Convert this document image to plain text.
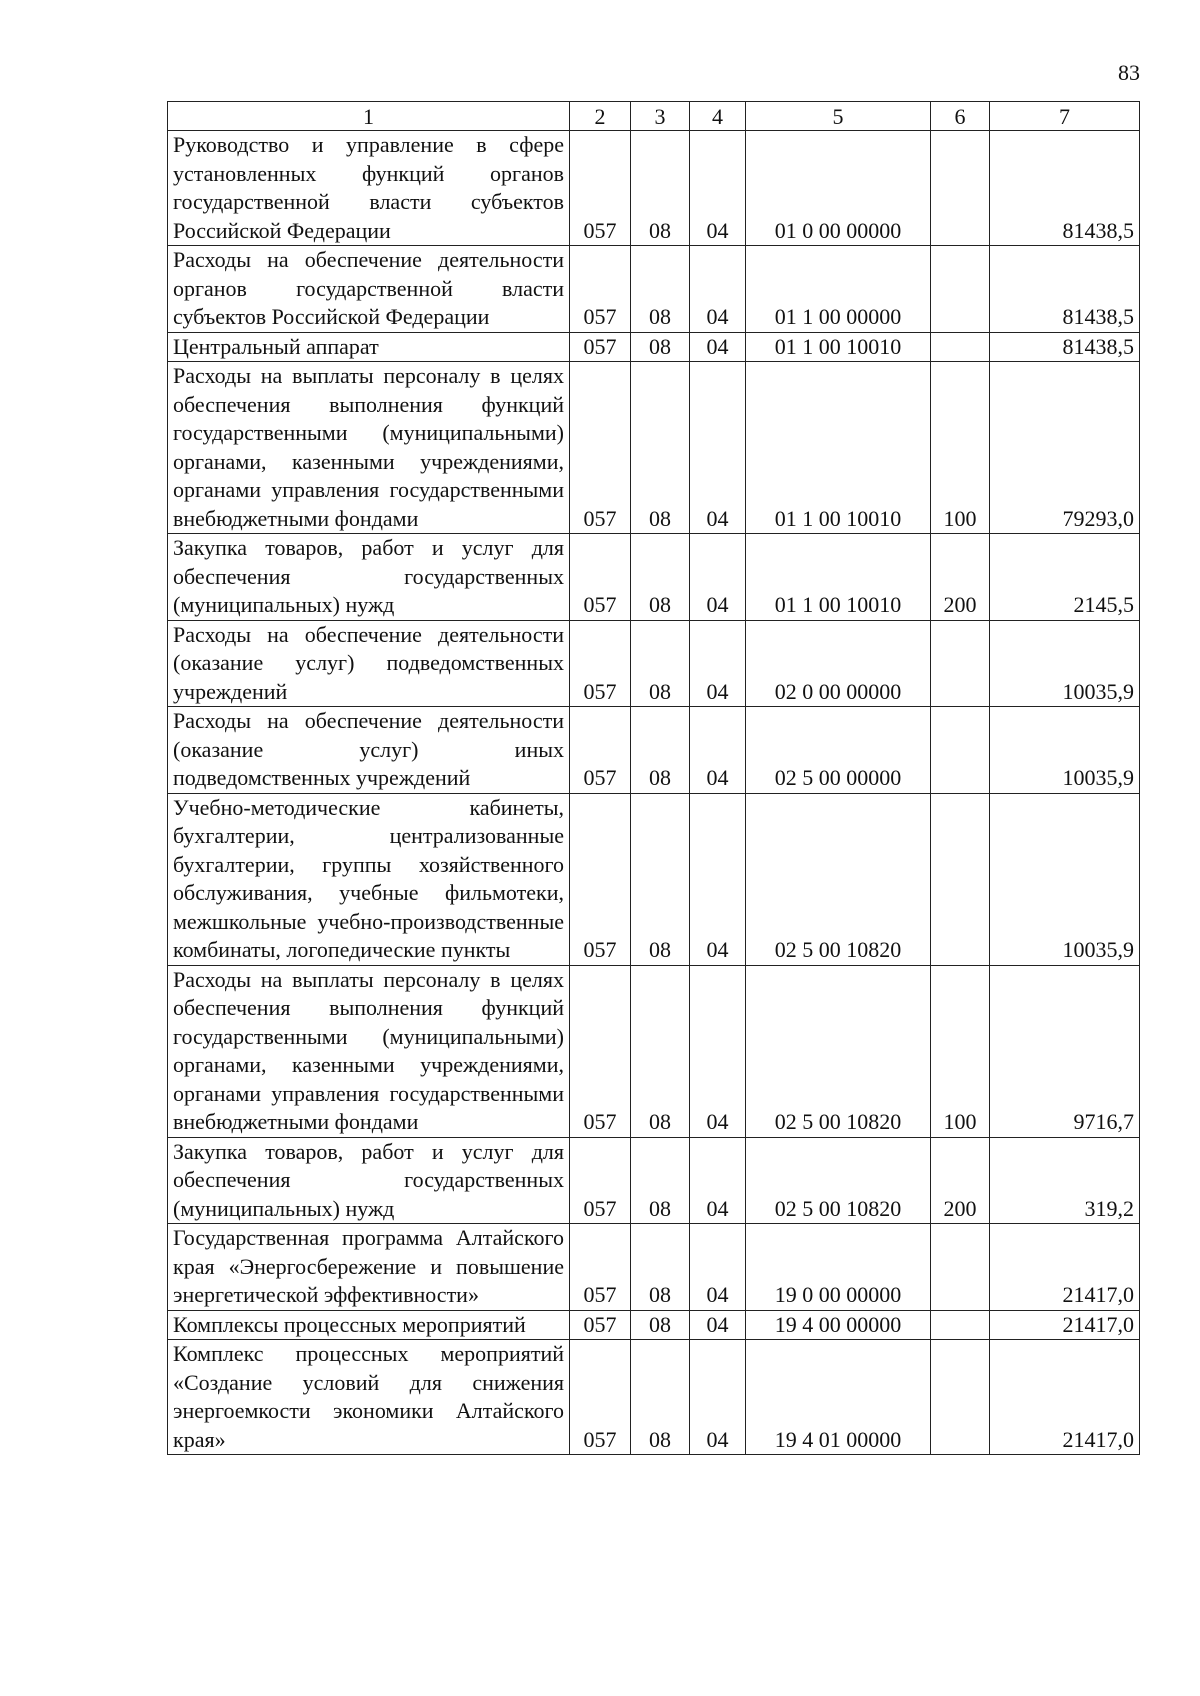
83
1	2	3	4	5	6	7
Руководство и управление в сфере установленных функций органов государственной власти субъектов Российской Федерации	057	08	04	01 0 00 00000		81438,5
Расходы на обеспечение деятельности органов государственной власти субъектов Российской Федерации	057	08	04	01 1 00 00000		81438,5
Центральный аппарат	057	08	04	01 1 00 10010		81438,5
Расходы на выплаты персоналу в целях обеспечения выполнения функций государственными (муниципальными) органами, казенными учреждениями, органами управления государственными внебюджетными фондами	057	08	04	01 1 00 10010	100	79293,0
Закупка товаров, работ и услуг для обеспечения государственных (муниципальных) нужд	057	08	04	01 1 00 10010	200	2145,5
Расходы на обеспечение деятельности (оказание услуг) подведомственных учреждений	057	08	04	02 0 00 00000		10035,9
Расходы на обеспечение деятельности (оказание услуг) иных подведомственных учреждений	057	08	04	02 5 00 00000		10035,9
Учебно-методические кабинеты, бухгалтерии, централизованные бухгалтерии, группы хозяйственного обслуживания, учебные фильмотеки, межшкольные учебно-производственные комбинаты, логопедические пункты	057	08	04	02 5 00 10820		10035,9
Расходы на выплаты персоналу в целях обеспечения выполнения функций государственными (муниципальными) органами, казенными учреждениями, органами управления государственными внебюджетными фондами	057	08	04	02 5 00 10820	100	9716,7
Закупка товаров, работ и услуг для обеспечения государственных (муниципальных) нужд	057	08	04	02 5 00 10820	200	319,2
Государственная программа Алтайского края «Энергосбережение и повышение энергетической эффективности»	057	08	04	19 0 00 00000		21417,0
Комплексы процессных мероприятий	057	08	04	19 4 00 00000		21417,0
Комплекс процессных мероприятий «Создание условий для снижения энергоемкости экономики Алтайского края»	057	08	04	19 4 01 00000		21417,0
